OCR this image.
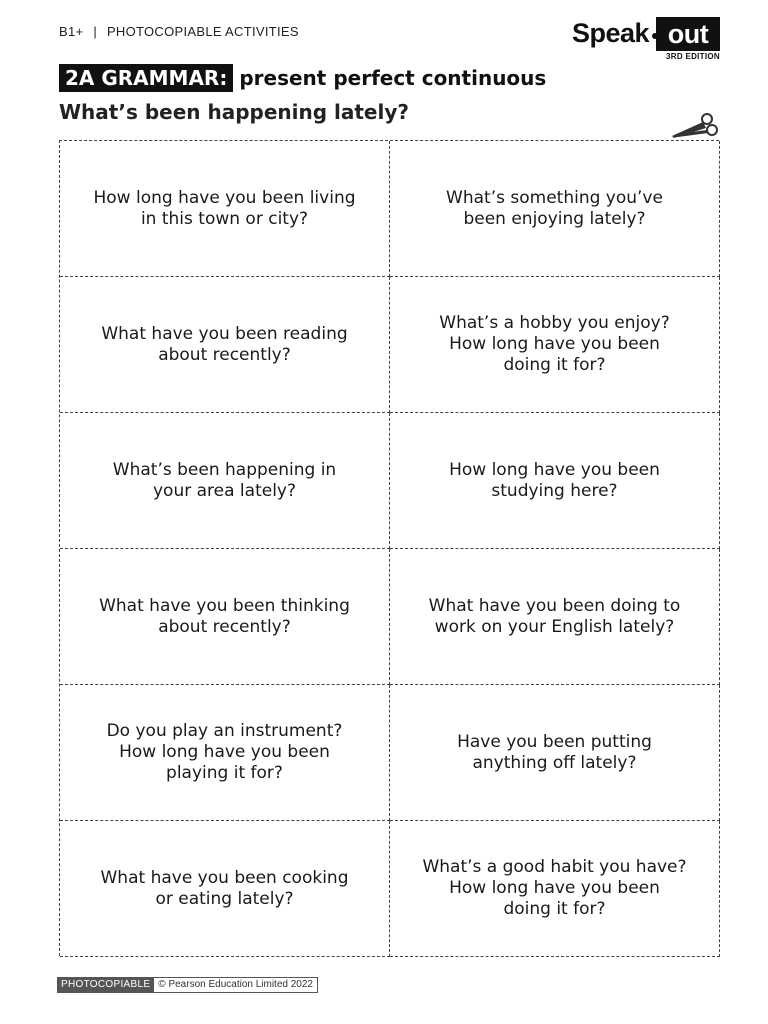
B1+ | PHOTOCOPIABLE ACTIVITIES	Speak out
3RD EDITION
2A GRAMMAR: present perfect continuous
What’s been happening lately?
How long have you been living
in this town or city?
What’s something you’ve
been enjoying lately?
What have you been reading
about recently?
What’s a hobby you enjoy?
How long have you been
doing it for?
What’s been happening in
your area lately?
How long have you been
studying here?
What have you been thinking
about recently?
What have you been doing to
work on your English lately?
Do you play an instrument?
How long have you been
playing it for?
Have you been putting
anything off lately?
What have you been cooking
or eating lately?
What’s a good habit you have?
How long have you been
doing it for?
PHOTOCOPIABLE © Pearson Education Limited 2022
